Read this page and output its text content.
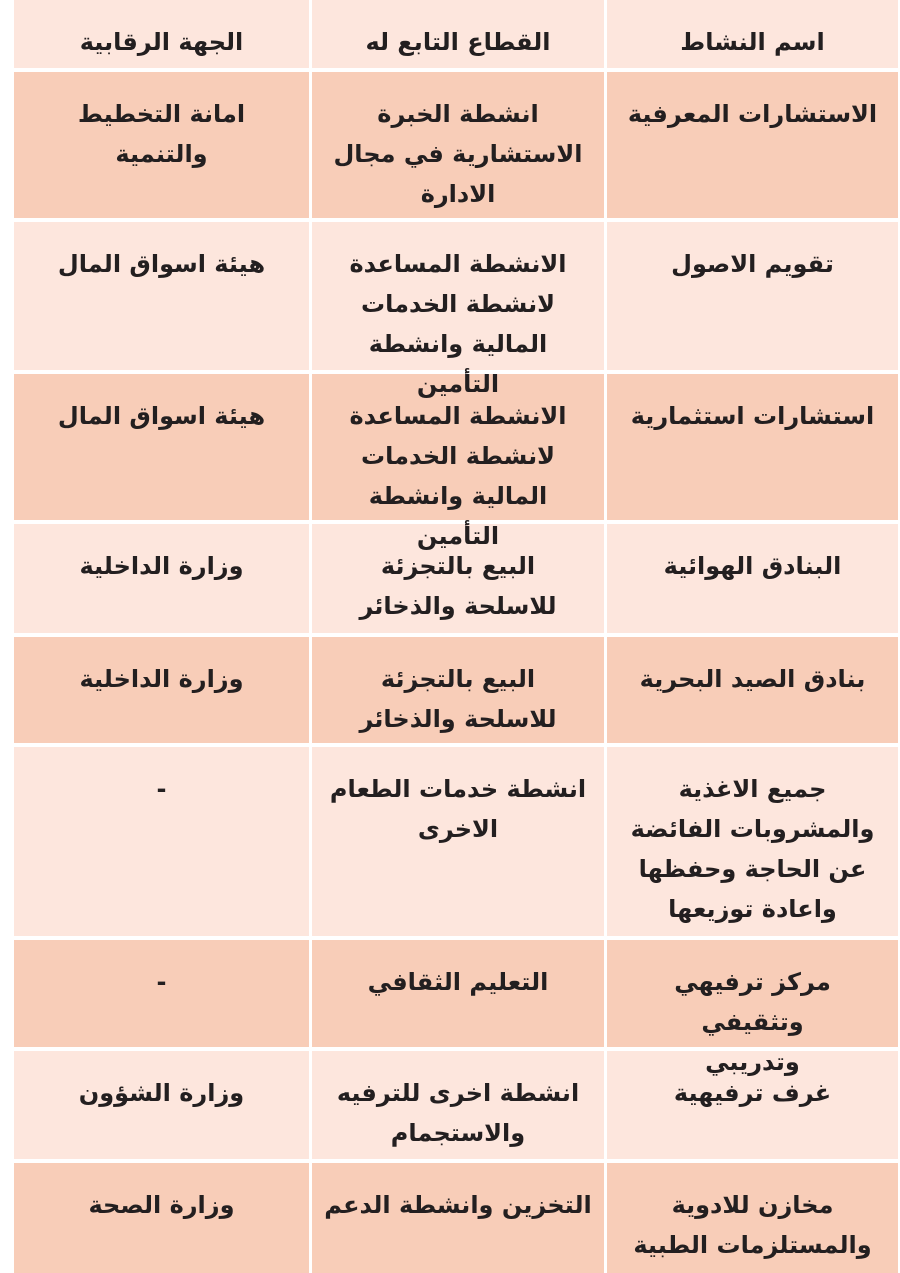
اسم النشاط
القطاع التابع له
الجهة الرقابية
الاستشارات المعرفية
انشطة الخبرة
الاستشارية في مجال
الادارة
امانة التخطيط
والتنمية
تقويم الاصول
الانشطة المساعدة
لانشطة الخدمات
المالية وانشطة التأمين
هيئة اسواق المال
استشارات استثمارية
الانشطة المساعدة
لانشطة الخدمات
المالية وانشطة التأمين
هيئة اسواق المال
البنادق الهوائية
البيع بالتجزئة
للاسلحة والذخائر
وزارة الداخلية
بنادق الصيد البحرية
البيع بالتجزئة
للاسلحة والذخائر
وزارة الداخلية
جميع الاغذية
والمشروبات الفائضة
عن الحاجة وحفظها
واعادة توزيعها
انشطة خدمات الطعام
الاخرى
-
مركز ترفيهي وتثقيفي
وتدريبي
التعليم الثقافي
-
غرف ترفيهية
انشطة اخرى للترفيه
والاستجمام
وزارة الشؤون
مخازن للادوية
والمستلزمات الطبية
التخزين وانشطة الدعم
وزارة الصحة
